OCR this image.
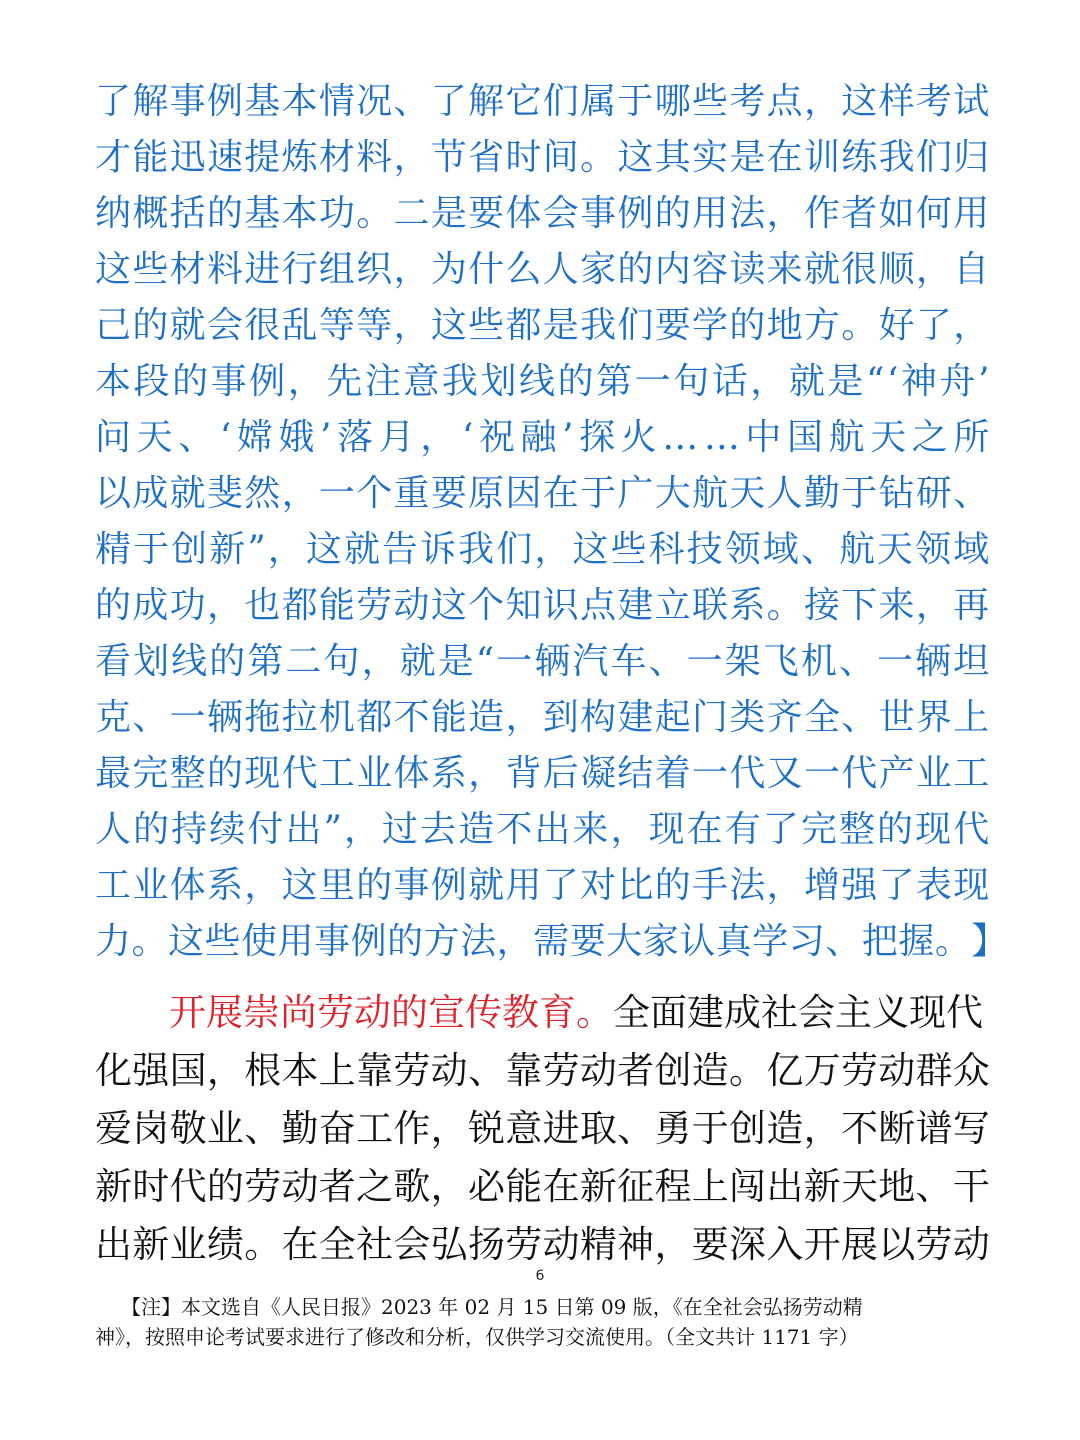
了 解 事 例 基 本 情 况 、 了 解 它 们 属 于 哪 些 考 点 ， 这 样 考 试
才 能 迅 速 提 炼 材 料 ， 节 省 时 间 。 这 其 实 是 在 训 练 我 们 归
纳 概 括 的 基 本 功 。 二 是 要 体 会 事 例 的 用 法 ， 作 者 如 何 用
这 些 材 料 进 行 组 织 ， 为 什 么 人 家 的 内 容 读 来 就 很 顺 ， 自
己 的 就 会 很 乱 等 等 ， 这 些 都 是 我 们 要 学 的 地 方 。 好 了 ，
本 段 的 事 例 ， 先 注 意 我 划 线 的 第 一 句 话 ， 就 是 “ ‘ 神 舟 ’
问 天 、 ‘ 嫦 娥 ’ 落 月 ， ‘ 祝 融 ’ 探 火 … … 中 国 航 天 之 所
以 成 就 斐 然 ， 一 个 重 要 原 因 在 于 广 大 航 天 人 勤 于 钻 研 、
精 于 创 新 ” ， 这 就 告 诉 我 们 ， 这 些 科 技 领 域 、 航 天 领 域
的 成 功 ， 也 都 能 劳 动 这 个 知 识 点 建 立 联 系 。 接 下 来 ， 再
看 划 线 的 第 二 句 ， 就 是 “ 一 辆 汽 车 、 一 架 飞 机 、 一 辆 坦
克 、 一 辆 拖 拉 机 都 不 能 造 ， 到 构 建 起 门 类 齐 全 、 世 界 上
最 完 整 的 现 代 工 业 体 系 ， 背 后 凝 结 着 一 代 又 一 代 产 业 工
人 的 持 续 付 出 ” ， 过 去 造 不 出 来 ， 现 在 有 了 完 整 的 现 代
工 业 体 系 ， 这 里 的 事 例 就 用 了 对 比 的 手 法 ， 增 强 了 表 现
力 。 这 些 使 用 事 例 的 方 法 ， 需 要 大 家 认 真 学 习 、 把 握 。 】
开展崇尚劳动的宣传教育。 全面建成社会主义现代
化 强 国 ， 根 本 上 靠 劳 动 、 靠 劳 动 者 创 造 。 亿 万 劳 动 群 众
爱 岗 敬 业 、 勤 奋 工 作 ， 锐 意 进 取 、 勇 于 创 造 ， 不 断 谱 写
新 时 代 的 劳 动 者 之 歌 ， 必 能 在 新 征 程 上 闯 出 新 天 地 、 干
出 新 业 绩 。 在 全 社 会 弘 扬 劳 动 精 神 ， 要 深 入 开 展 以 劳 动
6
【注】本文选自《人民日报》2023 年 02 月 15 日第 09 版，《在全社会弘扬劳动精
神》，按照申论考试要求进行了修改和分析，仅供学习交流使用。（全文共计 1171 字）
